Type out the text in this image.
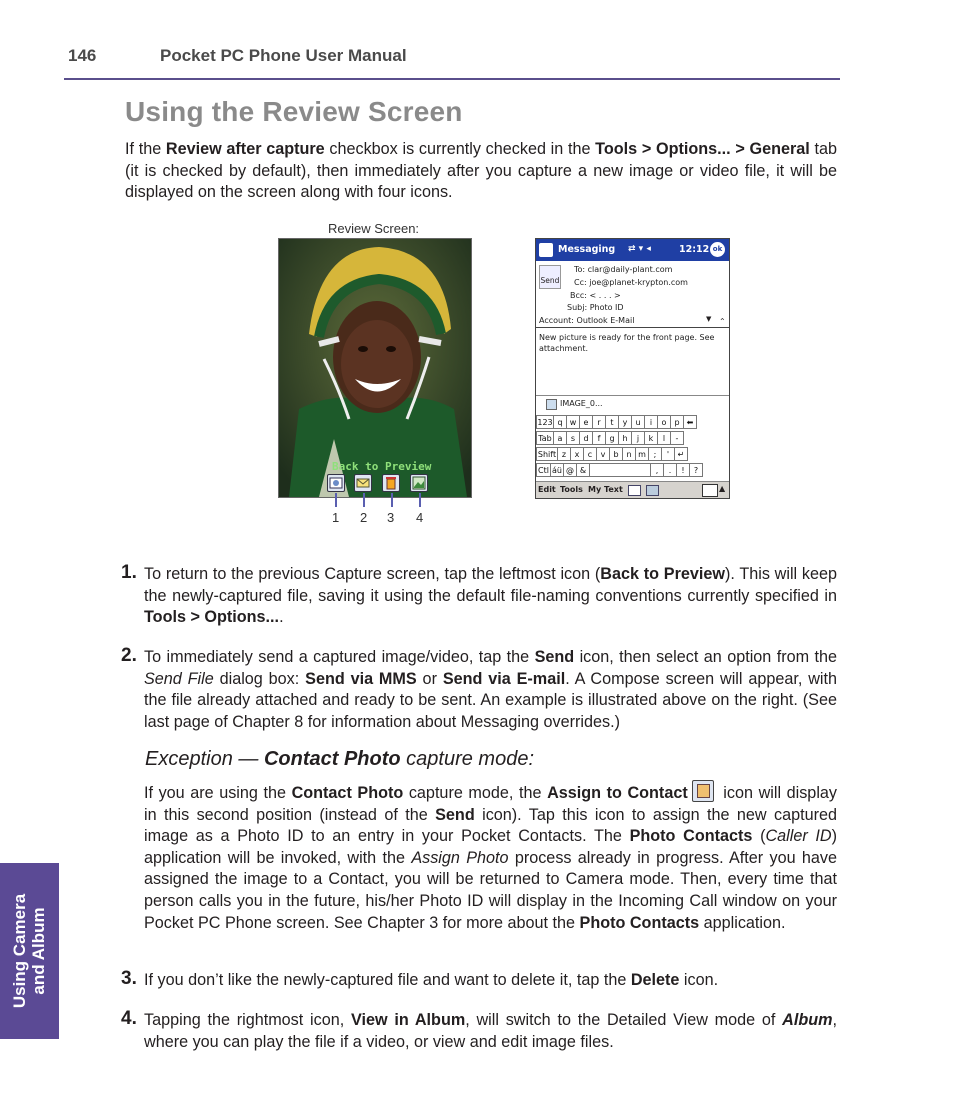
146	Pocket PC Phone User Manual
Using the Review Screen
If the Review after capture checkbox is currently checked in the Tools > Options... > General tab (it is checked by default), then immediately after you capture a new image or video file, it will be displayed on the screen along with four icons.
Review Screen:
Back to Preview
1 2 3 4
Messaging ⇄ ▾ ◂	12:12 ok
Send
To: clar@daily-plant.com
Cc: joe@planet-krypton.com
Bcc: < . . . >
Subj: Photo ID
Account: Outlook E-Mail	▼ ⌃
New picture is ready for the front page. See attachment.
IMAGE_0...
123 q w e	r	t	y	u	i	o	p ⬅
Tab a	s	d	f	g h	j	k	l	-
Shift z	x	c	v	b n m ;	'	↵
Ctl áü @ &	,	.	!	?
Edit Tools My Text	▲
1. To return to the previous Capture screen, tap the leftmost icon (Back to Preview). This will keep the newly-captured file, saving it using the default file-naming conventions currently specified in Tools > Options....
2. To immediately send a captured image/video, tap the Send icon, then select an option from the Send File dialog box: Send via MMS or Send via E-mail. A Compose screen will appear, with the file already attached and ready to be sent. An example is illustrated above on the right. (See last page of Chapter 8 for information about Messaging overrides.)
Exception — Contact Photo capture mode:
If you are using the Contact Photo capture mode, the Assign to Contact
icon will display in this second position (instead of the Send icon). Tap this icon to assign the new captured image as a Photo ID to an entry in your Pocket Contacts. The Photo Contacts (Caller ID) application will be invoked, with the Assign Photo process already in progress. After you have assigned the image to a Contact, you will be returned to Camera mode. Then, every time that person calls you in the future, his/her Photo ID will display in the Incoming Call window on your Pocket PC Phone screen. See Chapter 3 for more about the Photo Contacts application.
3. If you don’t like the newly-captured file and want to delete it, tap the Delete icon.
4. Tapping the rightmost icon, View in Album, will switch to the Detailed View mode of Album, where you can play the file if a video, or view and edit image files.
Using Camera and Album
